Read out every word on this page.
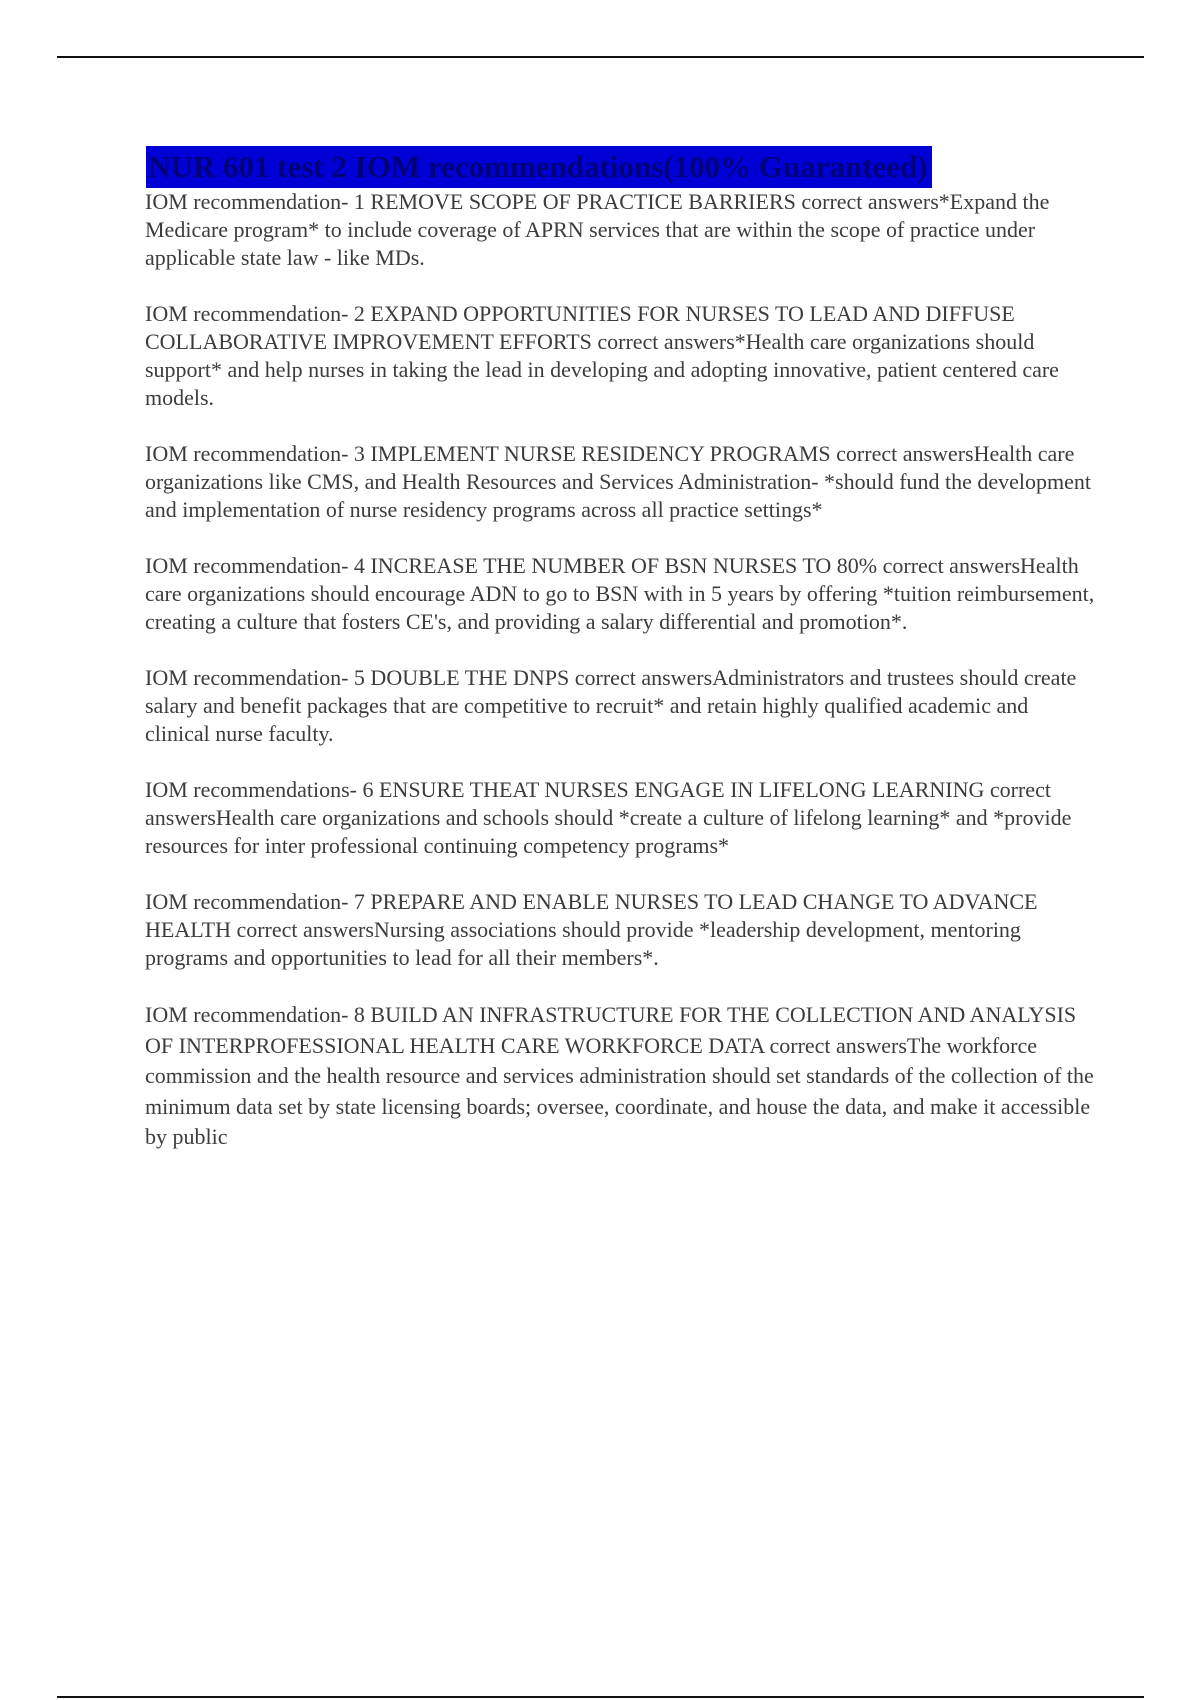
NUR 601 test 2 IOM recommendations(100% Guaranteed)

IOM recommendation- 1 REMOVE SCOPE OF PRACTICE BARRIERS correct answers*Expand the Medicare program* to include coverage of APRN services that are within the scope of practice under applicable state law - like MDs.

IOM recommendation- 2 EXPAND OPPORTUNITIES FOR NURSES TO LEAD AND DIFFUSE COLLABORATIVE IMPROVEMENT EFFORTS correct answers*Health care organizations should support* and help nurses in taking the lead in developing and adopting innovative, patient centered care models.

IOM recommendation- 3 IMPLEMENT NURSE RESIDENCY PROGRAMS correct answersHealth care organizations like CMS, and Health Resources and Services Administration- *should fund the development and implementation of nurse residency programs across all practice settings*

IOM recommendation- 4 INCREASE THE NUMBER OF BSN NURSES TO 80% correct answersHealth care organizations should encourage ADN to go to BSN with in 5 years by offering *tuition reimbursement, creating a culture that fosters CE's, and providing a salary differential and promotion*.

IOM recommendation- 5 DOUBLE THE DNPS correct answersAdministrators and trustees should create salary and benefit packages that are competitive to recruit* and retain highly qualified academic and clinical nurse faculty.

IOM recommendations- 6 ENSURE THEAT NURSES ENGAGE IN LIFELONG LEARNING correct answersHealth care organizations and schools should *create a culture of lifelong learning* and *provide resources for inter professional continuing competency programs*

IOM recommendation- 7 PREPARE AND ENABLE NURSES TO LEAD CHANGE TO ADVANCE HEALTH correct answersNursing associations should provide *leadership development, mentoring programs and opportunities to lead for all their members*.

IOM recommendation- 8 BUILD AN INFRASTRUCTURE FOR THE COLLECTION AND ANALYSIS OF INTERPROFESSIONAL HEALTH CARE WORKFORCE DATA correct answersThe workforce commission and the health resource and services administration should set standards of the collection of the minimum data set by state licensing boards; oversee, coordinate, and house the data, and make it accessible by public
